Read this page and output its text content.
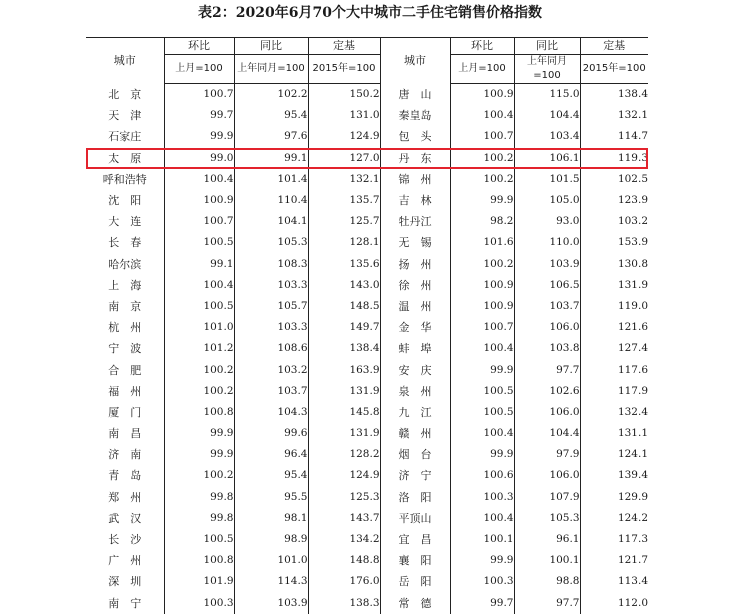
表2：2020年6月70个大中城市二手住宅销售价格指数
城市	环比	同比	定基	城市	环比	同比	定基
	上月=100	上年同月=100	2015年=100		上月=100	上年同月=100	2015年=100
北　京	100.7	102.2	150.2	唐　山	100.9	115.0	138.4
天　津	99.7	95.4	131.0	秦皇岛	100.4	104.4	132.1
石家庄	99.9	97.6	124.9	包　头	100.7	103.4	114.7
太　原	99.0	99.1	127.0	丹　东	100.2	106.1	119.3
呼和浩特	100.4	101.4	132.1	锦　州	100.2	101.5	102.5
沈　阳	100.9	110.4	135.7	吉　林	99.9	105.0	123.9
大　连	100.7	104.1	125.7	牡丹江	98.2	93.0	103.2
长　春	100.5	105.3	128.1	无　锡	101.6	110.0	153.9
哈尔滨	99.1	108.3	135.6	扬　州	100.2	103.9	130.8
上　海	100.4	103.3	143.0	徐　州	100.9	106.5	131.9
南　京	100.5	105.7	148.5	温　州	100.9	103.7	119.0
杭　州	101.0	103.3	149.7	金　华	100.7	106.0	121.6
宁　波	101.2	108.6	138.4	蚌　埠	100.4	103.8	127.4
合　肥	100.2	103.2	163.9	安　庆	99.9	97.7	117.6
福　州	100.2	103.7	131.9	泉　州	100.5	102.6	117.9
厦　门	100.8	104.3	145.8	九　江	100.5	106.0	132.4
南　昌	99.9	99.6	131.9	赣　州	100.4	104.4	131.1
济　南	99.9	96.4	128.2	烟　台	99.9	97.9	124.1
青　岛	100.2	95.4	124.9	济　宁	100.6	106.0	139.4
郑　州	99.8	95.5	125.3	洛　阳	100.3	107.9	129.9
武　汉	99.8	98.1	143.7	平顶山	100.4	105.3	124.2
长　沙	100.5	98.9	134.2	宜　昌	100.1	96.1	117.3
广　州	100.8	101.0	148.8	襄　阳	99.9	100.1	121.7
深　圳	101.9	114.3	176.0	岳　阳	100.3	98.8	113.4
南　宁	100.3	103.9	138.3	常　德	99.7	97.7	112.0
